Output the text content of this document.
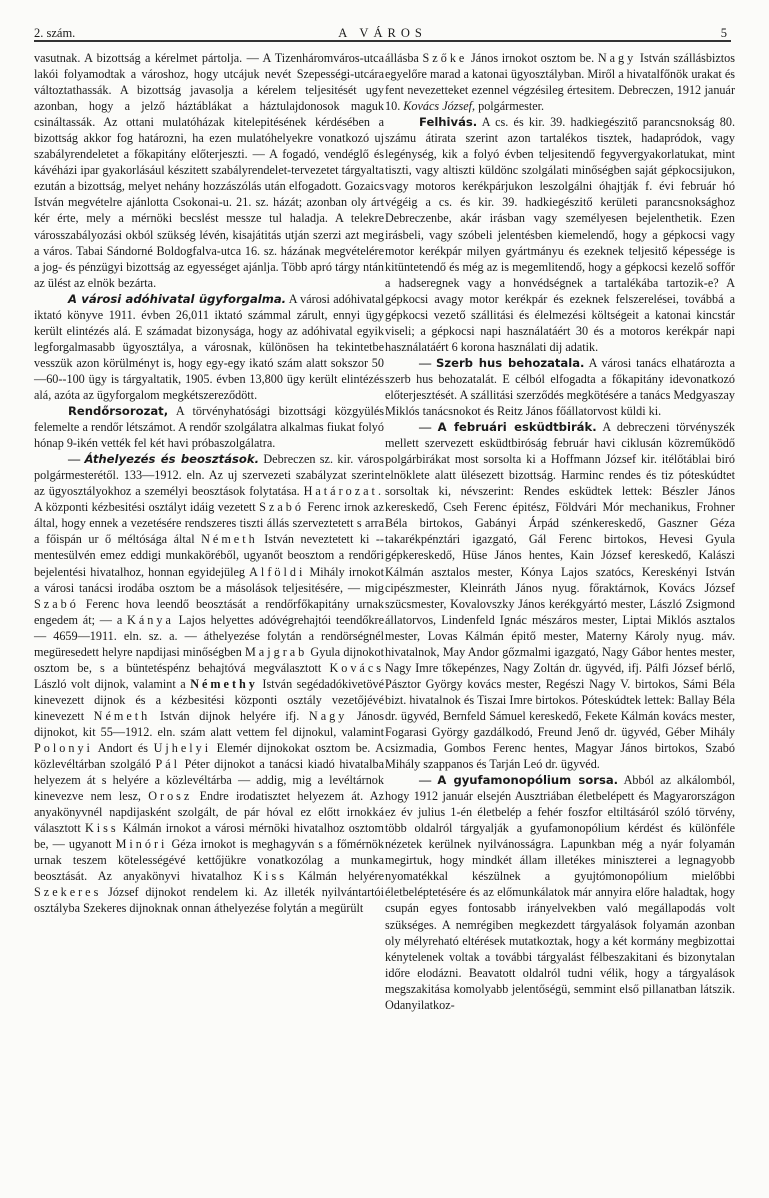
2. szám.	A VÁROS	5

vasutnak. A bizottság a kérelmet pártolja. — A Tizenháromváros-utca lakói folyamodtak a városhoz, hogy utcájuk nevét Szepességi-utcára változtathassák. A bizottság javasolja a kérelem teljesitését ugy azonban, hogy a jelző háztáblákat a háztulajdonosok maguk csináltassák. Az ottani mulatóházak kitelepitésének kérdésében a bizottság akkor fog határozni, ha ezen mulatóhelyekre vonatkozó uj szabályrendeletet a főkapitány előterjeszti. — A fogadó, vendéglő és kávéházi ipar gyakorlásául készitett szabályrendelet-tervezetet tárgyalta ezután a bizottság, melyet nehány hozzászólás után elfogadott. Gozaics István megvételre ajánlotta Csokonai-u. 21. sz. házát; azonban oly árt kér érte, mely a mérnöki becslést messze tul haladja. A telekre városszabályozási okból szükség lévén, kisajátitás utján szerzi azt meg a város. Tabai Sándorné Boldogfalva-utca 16. sz. házának megvételére a jog- és pénzügyi bizottság az egyességet ajánlja. Több apró tárgy ntán az ülést az elnök bezárta.

A városi adóhivatal ügyforgalma. A városi adóhivatal iktató könyve 1911. évben 26,011 iktató számmal zárult, ennyi ügy került elintézés alá. E számadat bizonysága, hogy az adóhivatal egyik legforgalmasabb ügyosztálya, a városnak, különösen ha tekintetbe vesszük azon körülményt is, hogy egy-egy ikató szám alatt sokszor 50—60--100 ügy is tárgyaltatik, 1905. évben 13,800 ügy került elintézés alá, azóta az ügyforgalom megkétszereződött.

Rendőrsorozat, A törvényhatósági bizottsági közgyülés felemelte a rendőr létszámot. A rendőr szolgálatra alkalmas fiukat folyó hónap 9-ikén vették fel két havi próbaszolgálatra.

— Áthelyezés és beosztások. Debreczen sz. kir. város polgármesterétől. 133—1912. eln. Az uj szervezeti szabályzat szerint az ügyosztályokhoz a személyi beosztások folytatása. Határozat. A központi kézbesitési osztályt idáig vezetett Szabó Ferenc irnok az által, hogy ennek a vezetésére rendszeres tiszti állás szerveztetett s arra a főispán ur ő méltósága által Németh István neveztetett ki -- mentesülvén emez eddigi munkaköréből, ugyanőt beosztom a rendőri bejelentési hivatalhoz, honnan egyidejüleg Alföldi Mihály irnokot a városi tanácsi irodába osztom be a másolások teljesitésére, — mig Szabó Ferenc hova leendő beosztását a rendőrfőkapitány urnak engedem át; — a Kánya Lajos helyettes adóvégrehajtói teendőkre — 4659—1911. eln. sz. a. — áthelyezése folytán a rendörségnél megüresedett helyre napdijasi minőségben Majgrab Gyula dijnokot osztom be, s a büntetéspénz behajtóvá megválasztott Kovács László volt dijnok, valamint a Némethy István segédadókivetövé kinevezett dijnok és a kézbesitési központi osztály vezetőjévé kinevezett Németh István dijnok helyére ifj. Nagy János dijnokot, kit 55—1912. eln. szám alatt vettem fel dijnokul, valamint Polonyi Andort és Ujhelyi Elemér dijnokokat osztom be. A közlevéltárban szolgáló Pál Péter dijnokot a tanácsi kiadó hivatalba helyezem át s helyére a közlevéltárba — addig, mig a levéltárnok kinevezve nem lesz, Orosz Endre irodatisztet helyezem át. Az anyakönyvnél napdijasként szolgált, de pár hóval ez előtt irnokká választott Kiss Kálmán irnokot a városi mérnöki hivatalhoz osztom be, — ugyanott Minóri Géza irnokot is meghagyván s a főmérnök urnak teszem kötelességévé kettőjükre vonatkozólag a munka beosztását. Az anyakönyvi hivatalhoz Kiss Kálmán helyére Szekeres József dijnokot rendelem ki. Az illeték nyilvántartói osztályba Szekeres dijnoknak onnan áthelyezése folytán a megürült

állásba Szőke János irnokot osztom be. Nagy István szállásbiztos egyelőre marad a katonai ügyosztályban. Miről a hivatalfőnök urakat és fent nevezetteket ezennel végzésileg értesitem. Debreczen, 1912 január 10. Kovács József, polgármester.

Felhivás. A cs. és kir. 39. hadkiegészitő parancsnokság 80. számu átirata szerint azon tartalékos tisztek, hadapródok, vagy legénység, kik a folyó évben teljesitendő fegyvergyakorlatukat, mint tiszti, vagy altiszti küldönc szolgálati minőségben saját gépkocsijukon, vagy motoros kerékpárjukon leszolgálni óhajtják f. évi február hó végéig a cs. és kir. 39. hadkiegészitő kerületi parancsnoksághoz Debreczenbe, akár irásban vagy személyesen bejelenthetik. Ezen irásbeli, vagy szóbeli jelentésben kiemelendő, hogy a gépkocsi vagy motor kerékpár milyen gyártmányu és ezeknek teljesitő képessége is kitüntetendő és még az is megemlitendő, hogy a gépkocsi kezelő soffőr a hadseregnek vagy a honvédségnek a tartalékába tartozik-e? A gépkocsi avagy motor kerékpár és ezeknek felszerelései, továbbá a gépkocsi vezető szállitási és élelmezési költségeit a katonai kincstár viseli; a gépkocsi napi használatáért 30 és a motoros kerékpár napi használatáért 6 korona használati dij adatik.

— Szerb hus behozatala. A városi tanács elhatározta a szerb hus behozatalát. E célból elfogadta a főkapitány idevonatkozó előterjesztését. A szállitási szerződés megkötésére a tanács Medgyaszay Miklós tanácsnokot és Reitz János főállatorvost küldi ki.

— A februári esküdtbirák. A debreczeni törvényszék mellett szervezett esküdtbiróság február havi ciklusán közreműködő polgárbirákat most sorsolta ki a Hoffmann József kir. itélőtáblai biró elnöklete alatt ülésezett bizottság. Harminc rendes és tiz póteskúdtet sorsoltak ki, névszerint: Rendes esküdtek lettek: Bészler János kereskedő, Cseh Ferenc épitész, Földvári Mór mechanikus, Frohner Béla birtokos, Gabányi Árpád szénkereskedő, Gaszner Géza takarékpénztári igazgató, Gál Ferenc birtokos, Hevesi Gyula gépkereskedő, Hüse János hentes, Kain József kereskedő, Kalászi Kálmán asztalos mester, Kónya Lajos szatócs, Kereskényi István cipészmester, Kleinráth János nyug. főraktárnok, Kovács József szücsmester, Kovalovszky János kerékgyártó mester, László Zsigmond állatorvos, Lindenfeld Ignác mészáros mester, Liptai Miklós asztalos mester, Lovas Kálmán épitő mester, Materny Károly nyug. máv. hivatalnok, May Andor gőzmalmi igazgató, Nagy Gábor hentes mester, Nagy Imre tőkepénzes, Nagy Zoltán dr. ügyvéd, ifj. Pálfi József bérlő, Pásztor György kovács mester, Regészi Nagy V. birtokos, Sámi Béla bizt. hivatalnok és Tiszai Imre birtokos. Póteskúdtek lettek: Ballay Béla dr. ügyvéd, Bernfeld Sámuel kereskedő, Fekete Kálmán kovács mester, Fogarasi György gazdálkodó, Freund Jenő dr. ügyvéd, Géber Mihály csizmadia, Gombos Ferenc hentes, Magyar János birtokos, Szabó Mihály szappanos és Tarján Leó dr. ügyvéd.

— A gyufamonopólium sorsa. Abból az alkálomból, hogy 1912 január elsején Ausztriában életbelépett és Magyarországon ez év julius 1-én életbelép a fehér foszfor eltiltásáról szóló törvény, több oldalról tárgyalják a gyufamonopólium kérdést és különféle nézetek kerülnek nyilvánosságra. Lapunkban még a nyár folyamán megirtuk, hogy mindkét állam illetékes miniszterei a legnagyobb nyomatékkal készülnek a gyujtómonopólium mielőbbi életbeléptetésére és az előmunkálatok már annyira előre haladtak, hogy csupán egyes fontosabb irányelvekben való megállapodás volt szükséges. A nemrégiben megkezdett tárgyalások folyamán azonban oly mélyreható eltérések mutatkoztak, hogy a két kormány megbizottai kénytelenek voltak a további tárgyalást félbeszakitani és bizonytalan időre elodázni. Beavatott oldalról tudni vélik, hogy a tárgyalások megszakitása komolyabb jelentőségü, semmint első pillanatban látszik. Odanyilatkoz-
